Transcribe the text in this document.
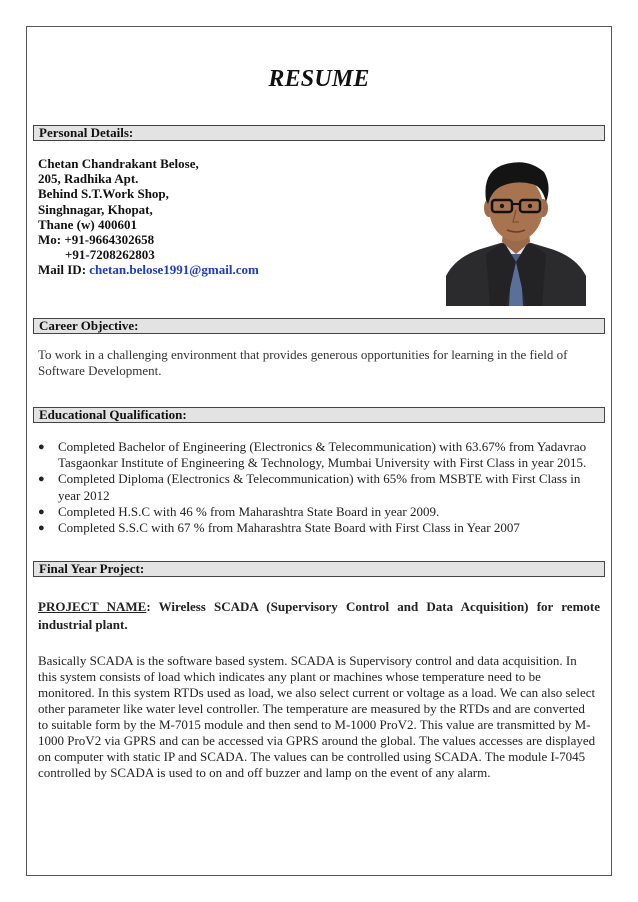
RESUME
Personal Details:
Chetan Chandrakant Belose,
205, Radhika Apt.
Behind S.T.Work Shop,
Singhnagar, Khopat,
Thane (w) 400601
Mo: +91-9664302658
+91-7208262803
Mail ID: chetan.belose1991@gmail.com
Career Objective:
To work in a challenging environment that provides generous opportunities for learning in the field of Software Development.
Educational Qualification:
● Completed Bachelor of Engineering (Electronics & Telecommunication) with 63.67% from Yadavrao Tasgaonkar Institute of Engineering & Technology, Mumbai University with First Class in year 2015.
● Completed Diploma (Electronics & Telecommunication) with 65% from MSBTE with First Class in year 2012
● Completed H.S.C with 46 % from Maharashtra State Board in year 2009.
● Completed S.S.C with 67 % from Maharashtra State Board with First Class in Year 2007
Final Year Project:
PROJECT NAME: Wireless SCADA (Supervisory Control and Data Acquisition) for remote industrial plant.
Basically SCADA is the software based system. SCADA is Supervisory control and data acquisition. In this system consists of load which indicates any plant or machines whose temperature need to be monitored. In this system RTDs used as load, we also select current or voltage as a load. We can also select other parameter like water level controller. The temperature are measured by the RTDs and are converted to suitable form by the M-7015 module and then send to M-1000 ProV2. This value are transmitted by M-1000 ProV2 via GPRS and can be accessed via GPRS around the global. The values accesses are displayed on computer with static IP and SCADA. The values can be controlled using SCADA. The module I-7045 controlled by SCADA is used to on and off buzzer and lamp on the event of any alarm.
